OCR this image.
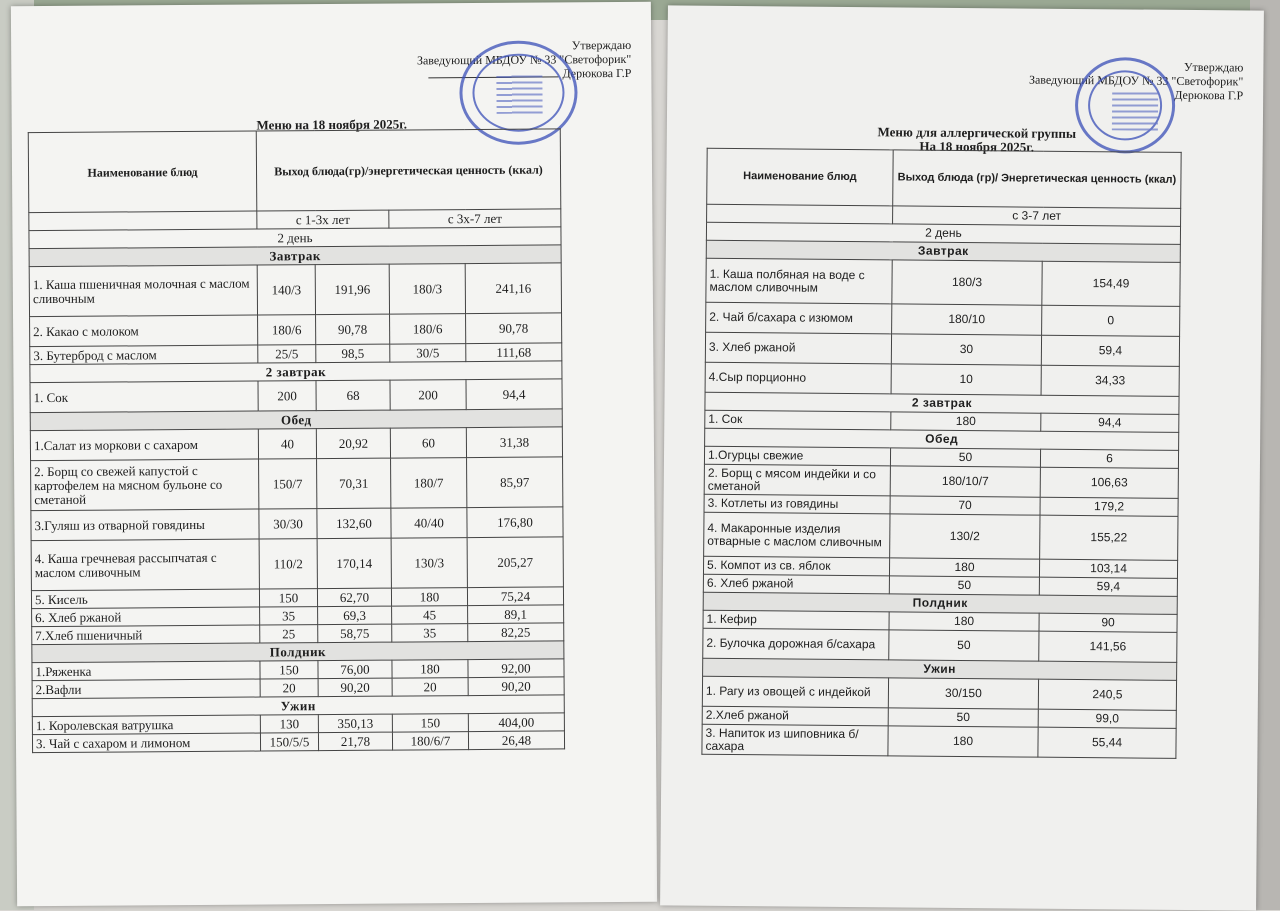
Утверждаю
Заведующий МБДОУ № 33 "Светофорик"
Дерюкова Г.Р
Меню на 18 ноября 2025г.
Наименование блюд	Выход блюда(гр)/энергетическая ценность (ккал)			
	с 1-3х лет		с 3х-7 лет	
2 день				
Завтрак				
1. Каша пшеничная молочная с маслом сливочным	140/3	191,96	180/3	241,16
2. Какао с молоком	180/6	90,78	180/6	90,78
3. Бутерброд с маслом	25/5	98,5	30/5	111,68
2 завтрак				
1. Сок	200	68	200	94,4
Обед				
1.Салат из моркови с сахаром	40	20,92	60	31,38
2. Борщ со свежей капустой с картофелем на мясном бульоне со сметаной	150/7	70,31	180/7	85,97
3.Гуляш из отварной говядины	30/30	132,60	40/40	176,80
4. Каша гречневая рассыпчатая с маслом сливочным	110/2	170,14	130/3	205,27
5. Кисель	150	62,70	180	75,24
6. Хлеб ржаной	35	69,3	45	89,1
7.Хлеб пшеничный	25	58,75	35	82,25
Полдник				
1.Ряженка	150	76,00	180	92,00
2.Вафли	20	90,20	20	90,20
Ужин				
1. Королевская ватрушка	130	350,13	150	404,00
3. Чай с сахаром и лимоном	150/5/5	21,78	180/6/7	26,48
Утверждаю
Заведующий МБДОУ № 33 "Светофорик"
Дерюкова Г.Р
Меню для аллергической группы
На 18 ноября 2025г.
Наименование блюд	Выход блюда (гр)/ Энергетическая ценность (ккал)	
	с 3-7 лет	
2 день		
Завтрак		
1. Каша полбяная на воде с маслом сливочным	180/3	154,49
2. Чай б/сахара с изюмом	180/10	0
3. Хлеб ржаной	30	59,4
4.Сыр порционно	10	34,33
2 завтрак		
1. Сок	180	94,4
Обед		
1.Огурцы свежие	50	6
2. Борщ с мясом индейки и со сметаной	180/10/7	106,63
3. Котлеты из говядины	70	179,2
4. Макаронные изделия отварные с маслом сливочным	130/2	155,22
5. Компот из св. яблок	180	103,14
6. Хлеб ржаной	50	59,4
Полдник		
1. Кефир	180	90
2. Булочка дорожная б/сахара	50	141,56
Ужин		
1. Рагу из овощей с индейкой	30/150	240,5
2.Хлеб ржаной	50	99,0
3. Напиток из шиповника б/сахара	180	55,44
